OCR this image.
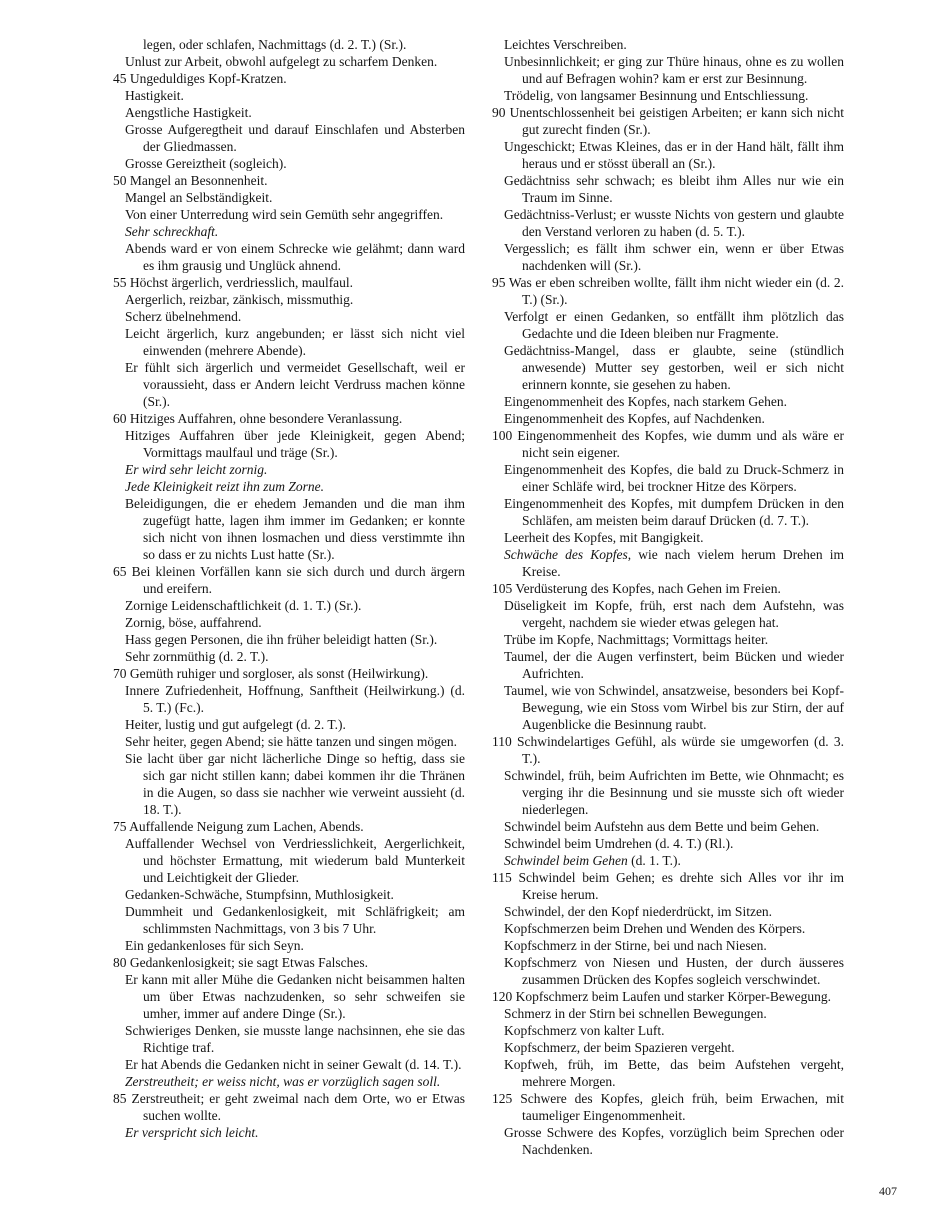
legen, oder schlafen, Nachmittags (d. 2. T.) (Sr.).

Unlust zur Arbeit, obwohl aufgelegt zu scharfem Denken.

45 Ungeduldiges Kopf-Kratzen.

Hastigkeit.

Aengstliche Hastigkeit.

Grosse Aufgeregtheit und darauf Einschlafen und Absterben der Gliedmassen.

Grosse Gereiztheit (sogleich).

50 Mangel an Besonnenheit.

Mangel an Selbständigkeit.

Von einer Unterredung wird sein Gemüth sehr angegriffen.

Sehr schreckhaft.

Abends ward er von einem Schrecke wie gelähmt; dann ward es ihm grausig und Unglück ahnend.

55 Höchst ärgerlich, verdriesslich, maulfaul.

Aergerlich, reizbar, zänkisch, missmuthig.

Scherz übelnehmend.

Leicht ärgerlich, kurz angebunden; er lässt sich nicht viel einwenden (mehrere Abende).

Er fühlt sich ärgerlich und vermeidet Gesellschaft, weil er voraussieht, dass er Andern leicht Verdruss machen könne (Sr.).

60 Hitziges Auffahren, ohne besondere Veranlassung.

Hitziges Auffahren über jede Kleinigkeit, gegen Abend; Vormittags maulfaul und träge (Sr.).

Er wird sehr leicht zornig.

Jede Kleinigkeit reizt ihn zum Zorne.

Beleidigungen, die er ehedem Jemanden und die man ihm zugefügt hatte, lagen ihm immer im Gedanken; er konnte sich nicht von ihnen losmachen und diess verstimmte ihn so dass er zu nichts Lust hatte (Sr.).

65 Bei kleinen Vorfällen kann sie sich durch und durch ärgern und ereifern.

Zornige Leidenschaftlichkeit (d. 1. T.) (Sr.).

Zornig, böse, auffahrend.

Hass gegen Personen, die ihn früher beleidigt hatten (Sr.).

Sehr zornmüthig (d. 2. T.).

70 Gemüth ruhiger und sorgloser, als sonst (Heilwirkung).

Innere Zufriedenheit, Hoffnung, Sanftheit (Heilwirkung.) (d. 5. T.) (Fc.).

Heiter, lustig und gut aufgelegt (d. 2. T.).

Sehr heiter, gegen Abend; sie hätte tanzen und singen mögen.

Sie lacht über gar nicht lächerliche Dinge so heftig, dass sie sich gar nicht stillen kann; dabei kommen ihr die Thränen in die Augen, so dass sie nachher wie verweint aussieht (d. 18. T.).

75 Auffallende Neigung zum Lachen, Abends.

Auffallender Wechsel von Verdriesslichkeit, Aergerlichkeit, und höchster Ermattung, mit wiederum bald Munterkeit und Leichtigkeit der Glieder.

Gedanken-Schwäche, Stumpfsinn, Muthlosigkeit.

Dummheit und Gedankenlosigkeit, mit Schläfrigkeit; am schlimmsten Nachmittags, von 3 bis 7 Uhr.

Ein gedankenloses für sich Seyn.

80 Gedankenlosigkeit; sie sagt Etwas Falsches.

Er kann mit aller Mühe die Gedanken nicht beisammen halten um über Etwas nachzudenken, so sehr schweifen sie umher, immer auf andere Dinge (Sr.).

Schwieriges Denken, sie musste lange nachsinnen, ehe sie das Richtige traf.

Er hat Abends die Gedanken nicht in seiner Gewalt (d. 14. T.).

Zerstreutheit; er weiss nicht, was er vorzüglich sagen soll.

85 Zerstreutheit; er geht zweimal nach dem Orte, wo er Etwas suchen wollte.

Er verspricht sich leicht.

Leichtes Verschreiben.

Unbesinnlichkeit; er ging zur Thüre hinaus, ohne es zu wollen und auf Befragen wohin? kam er erst zur Besinnung.

Trödelig, von langsamer Besinnung und Entschliessung.

90 Unentschlossenheit bei geistigen Arbeiten; er kann sich nicht gut zurecht finden (Sr.).

Ungeschickt; Etwas Kleines, das er in der Hand hält, fällt ihm heraus und er stösst überall an (Sr.).

Gedächtniss sehr schwach; es bleibt ihm Alles nur wie ein Traum im Sinne.

Gedächtniss-Verlust; er wusste Nichts von gestern und glaubte den Verstand verloren zu haben (d. 5. T.).

Vergesslich; es fällt ihm schwer ein, wenn er über Etwas nachdenken will (Sr.).

95 Was er eben schreiben wollte, fällt ihm nicht wieder ein (d. 2. T.) (Sr.).

Verfolgt er einen Gedanken, so entfällt ihm plötzlich das Gedachte und die Ideen bleiben nur Fragmente.

Gedächtniss-Mangel, dass er glaubte, seine (stündlich anwesende) Mutter sey gestorben, weil er sich nicht erinnern konnte, sie gesehen zu haben.

Eingenommenheit des Kopfes, nach starkem Gehen.

Eingenommenheit des Kopfes, auf Nachdenken.

100 Eingenommenheit des Kopfes, wie dumm und als wäre er nicht sein eigener.

Eingenommenheit des Kopfes, die bald zu Druck-Schmerz in einer Schläfe wird, bei trockner Hitze des Körpers.

Eingenommenheit des Kopfes, mit dumpfem Drücken in den Schläfen, am meisten beim darauf Drücken (d. 7. T.).

Leerheit des Kopfes, mit Bangigkeit.

Schwäche des Kopfes, wie nach vielem herum Drehen im Kreise.

105 Verdüsterung des Kopfes, nach Gehen im Freien.

Düseligkeit im Kopfe, früh, erst nach dem Aufstehn, was vergeht, nachdem sie wieder etwas gelegen hat.

Trübe im Kopfe, Nachmittags; Vormittags heiter.

Taumel, der die Augen verfinstert, beim Bücken und wieder Aufrichten.

Taumel, wie von Schwindel, ansatzweise, besonders bei Kopf-Bewegung, wie ein Stoss vom Wirbel bis zur Stirn, der auf Augenblicke die Besinnung raubt.

110 Schwindelartiges Gefühl, als würde sie umgeworfen (d. 3. T.).

Schwindel, früh, beim Aufrichten im Bette, wie Ohnmacht; es verging ihr die Besinnung und sie musste sich oft wieder niederlegen.

Schwindel beim Aufstehn aus dem Bette und beim Gehen.

Schwindel beim Umdrehen (d. 4. T.) (Rl.).

Schwindel beim Gehen (d. 1. T.).

115 Schwindel beim Gehen; es drehte sich Alles vor ihr im Kreise herum.

Schwindel, der den Kopf niederdrückt, im Sitzen.

Kopfschmerzen beim Drehen und Wenden des Körpers.

Kopfschmerz in der Stirne, bei und nach Niesen.

Kopfschmerz von Niesen und Husten, der durch äusseres zusammen Drücken des Kopfes sogleich verschwindet.

120 Kopfschmerz beim Laufen und starker Körper-Bewegung.

Schmerz in der Stirn bei schnellen Bewegungen.

Kopfschmerz von kalter Luft.

Kopfschmerz, der beim Spazieren vergeht.

Kopfweh, früh, im Bette, das beim Aufstehen vergeht, mehrere Morgen.

125 Schwere des Kopfes, gleich früh, beim Erwachen, mit taumeliger Eingenommenheit.

Grosse Schwere des Kopfes, vorzüglich beim Sprechen oder Nachdenken.

407
